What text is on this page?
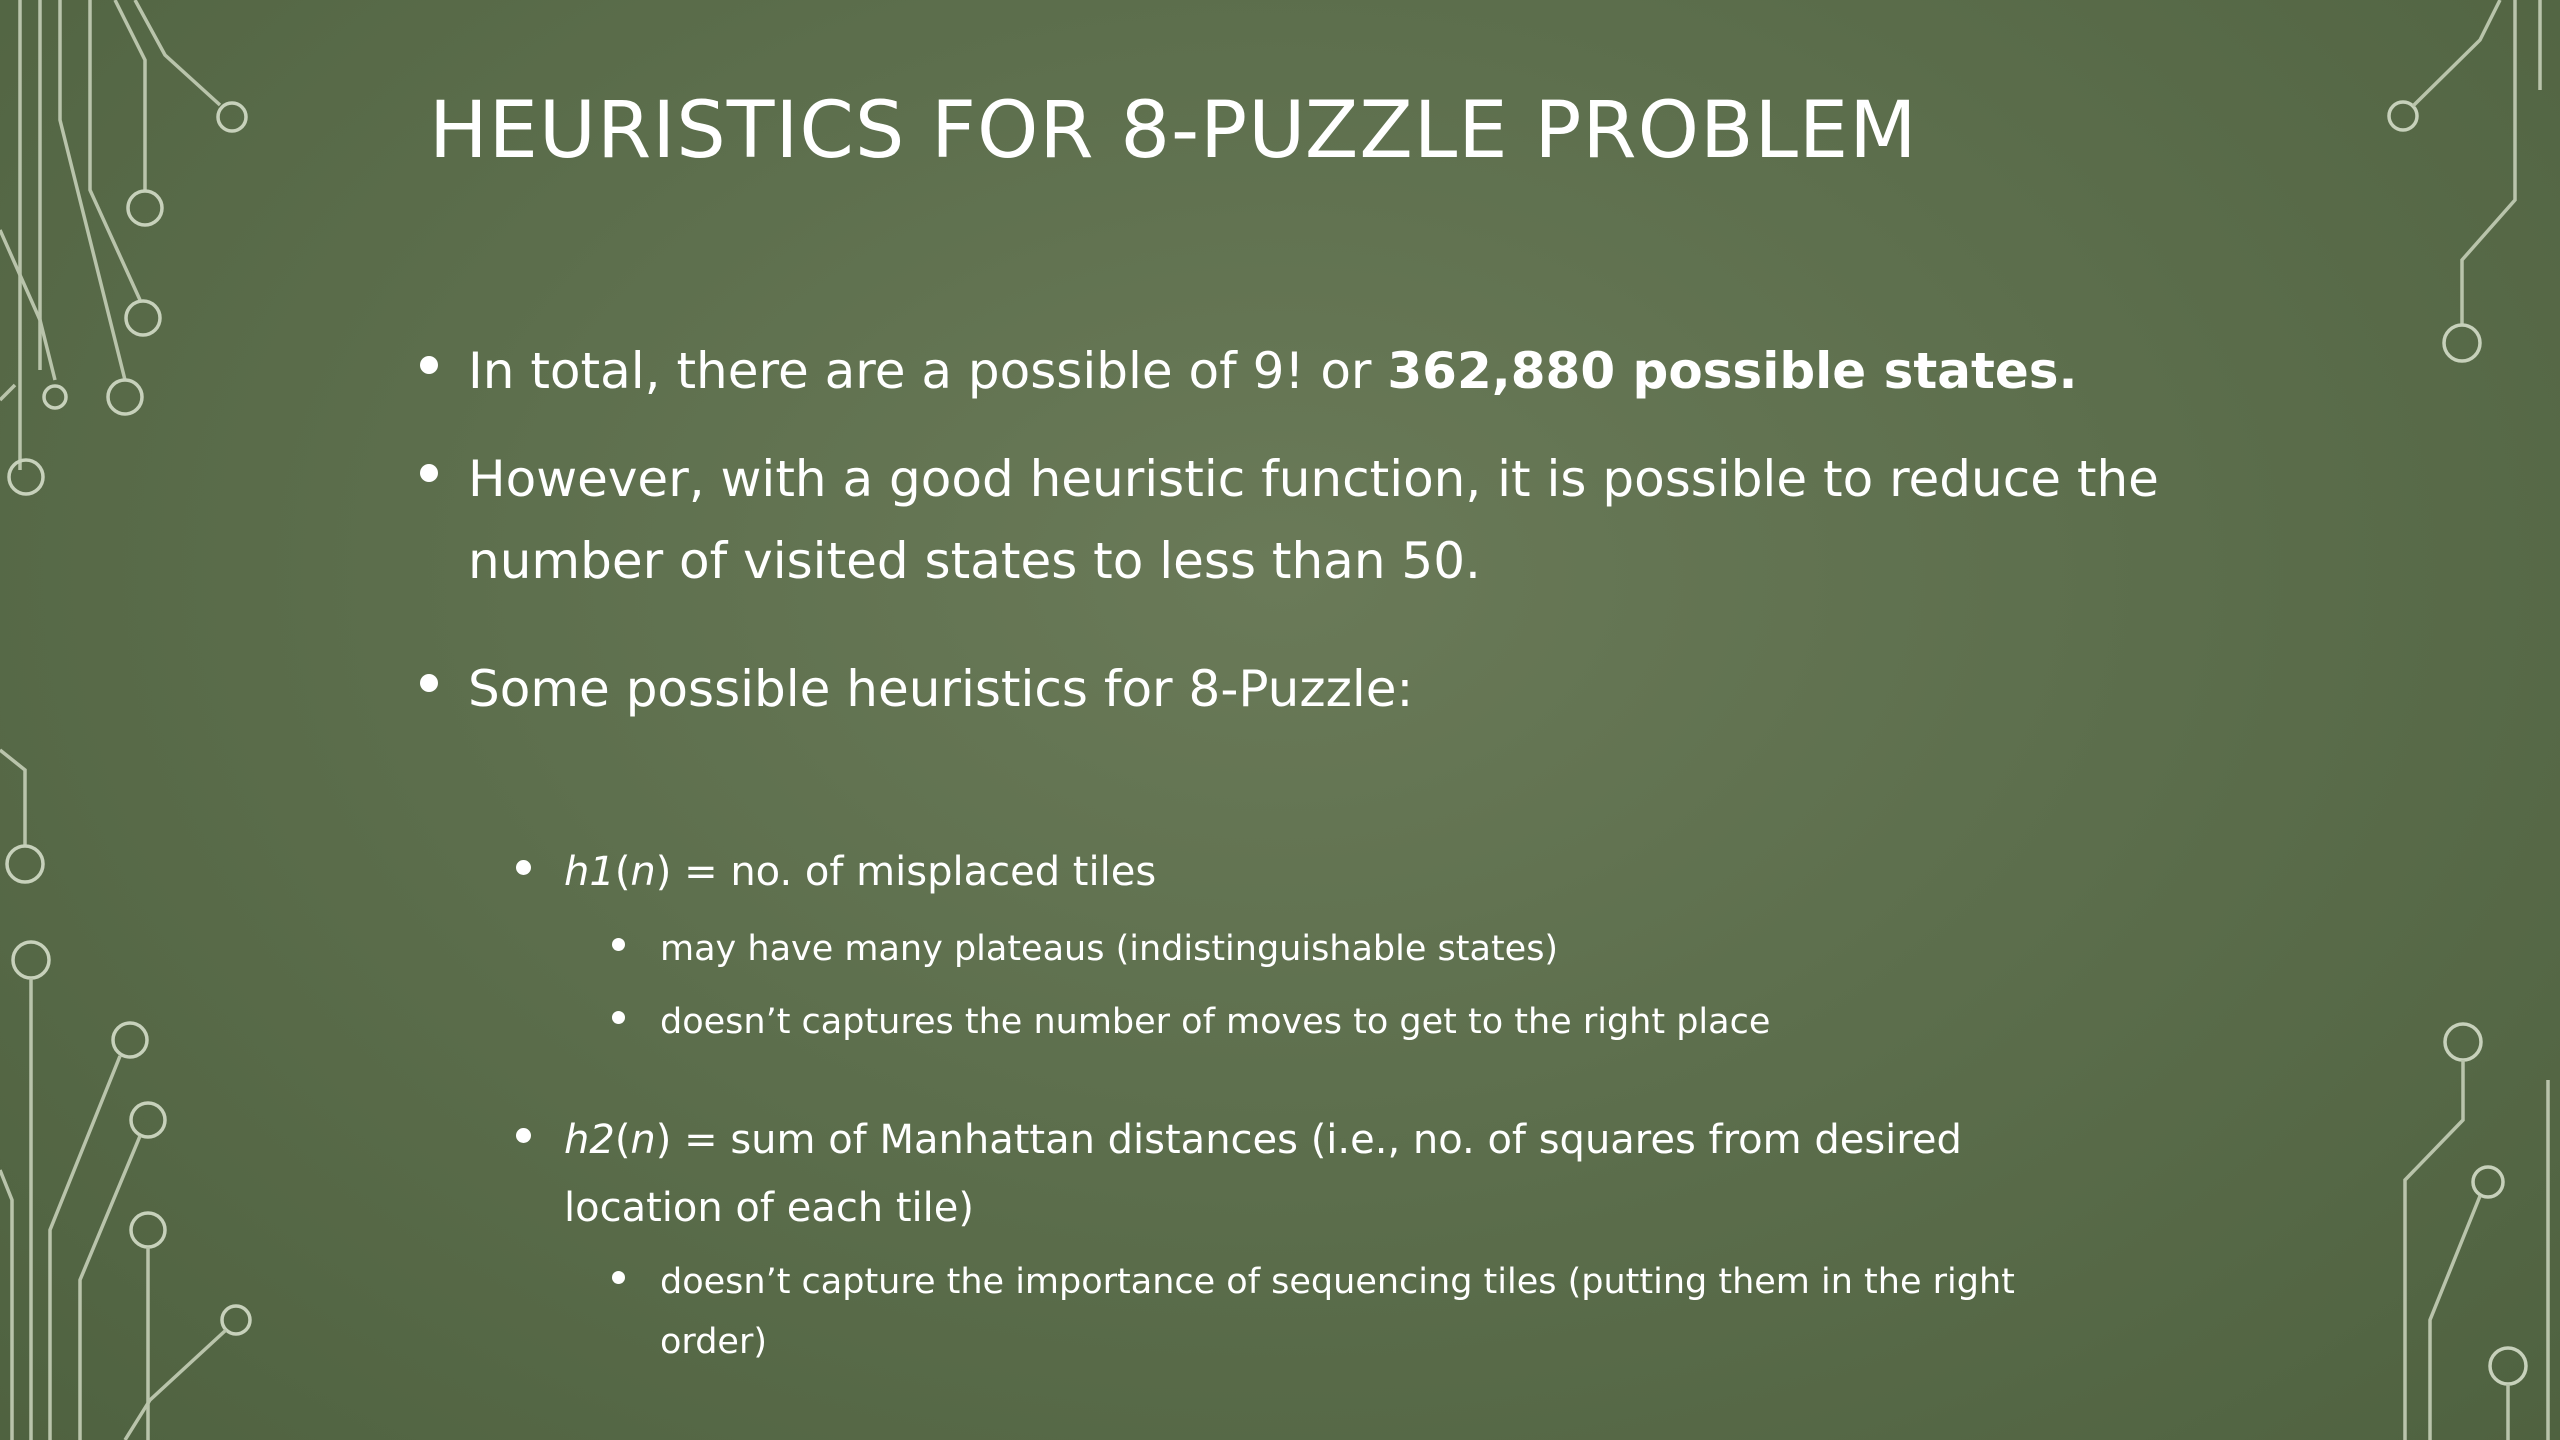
HEURISTICS FOR 8-PUZZLE PROBLEM

In total, there are a possible of 9! or 362,880 possible states.

However, with a good heuristic function, it is possible to reduce the number of visited states to less than 50.

Some possible heuristics for 8-Puzzle:

h1(n) = no. of misplaced tiles

may have many plateaus (indistinguishable states)

doesn’t captures the number of moves to get to the right place

h2(n) = sum of Manhattan distances (i.e., no. of squares from desired location of each tile)

doesn’t capture the importance of sequencing tiles (putting them in the right order)
